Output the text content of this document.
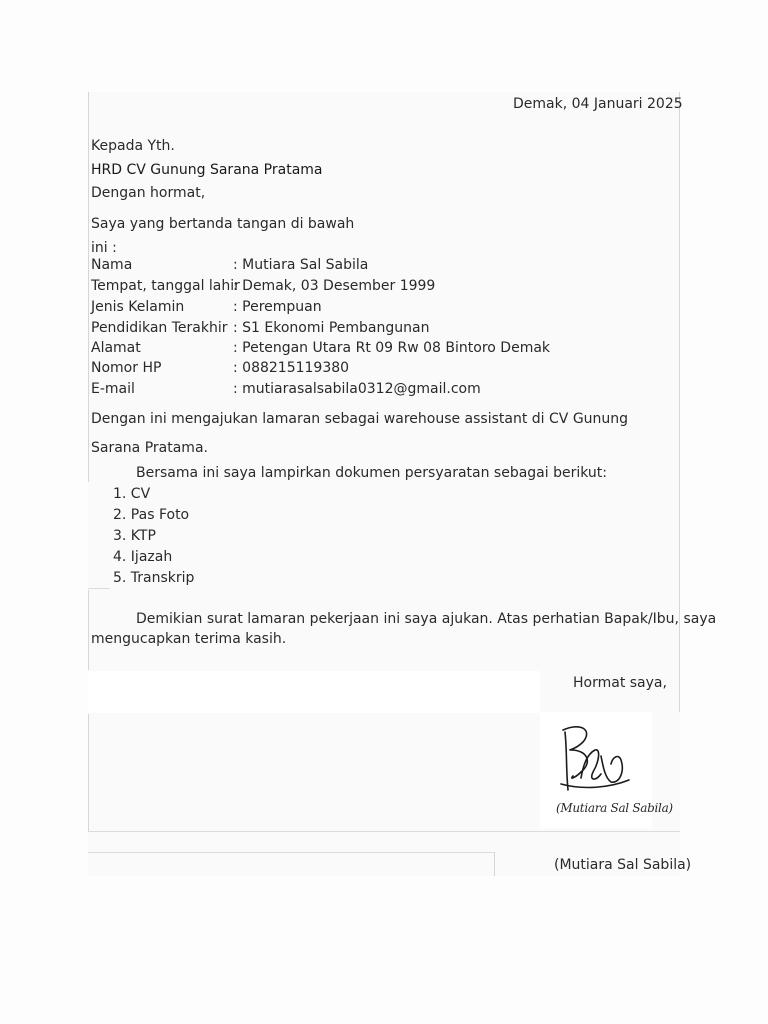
Demak, 04 Januari 2025
Kepada Yth.
HRD CV Gunung Sarana Pratama
Dengan hormat,
Saya yang bertanda tangan di bawah
ini :
Nama	: Mutiara Sal Sabila
Tempat, tanggal lahir: Demak, 03 Desember 1999
Jenis Kelamin	: Perempuan
Pendidikan Terakhir : S1 Ekonomi Pembangunan
Alamat	: Petengan Utara Rt 09 Rw 08 Bintoro Demak
Nomor HP	: 088215119380
E-mail	: mutiarasalsabila0312@gmail.com
Dengan ini mengajukan lamaran sebagai warehouse assistant di CV Gunung
Sarana Pratama.
Bersama ini saya lampirkan dokumen persyaratan sebagai berikut:
1. CV
2. Pas Foto
3. KTP
4. Ijazah
5. Transkrip
Demikian surat lamaran pekerjaan ini saya ajukan. Atas perhatian Bapak/Ibu, saya
mengucapkan terima kasih.
Hormat saya,
(Mutiara Sal Sabila)
(Mutiara Sal Sabila)
